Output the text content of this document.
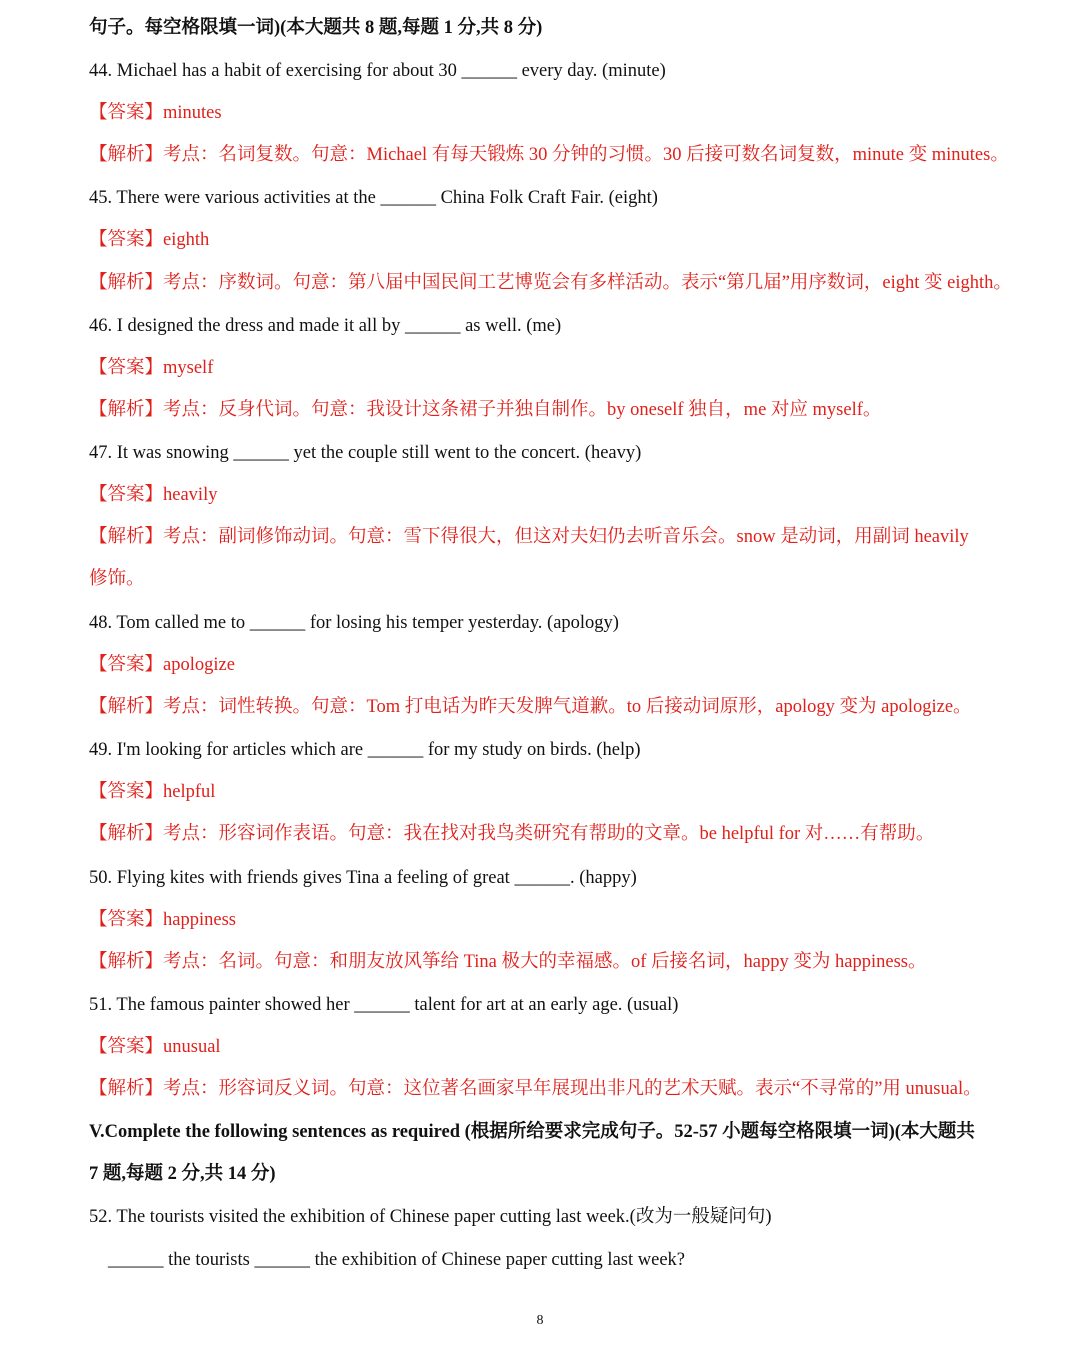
句子。每空格限填一词)(本大题共 8 题,每题 1 分,共 8 分)
44. Michael has a habit of exercising for about 30 ______ every day. (minute)
【答案】minutes
【解析】考点：名词复数。句意：Michael 有每天锻炼 30 分钟的习惯。30 后接可数名词复数，minute 变 minutes。
45. There were various activities at the ______ China Folk Craft Fair. (eight)
【答案】eighth
【解析】考点：序数词。句意：第八届中国民间工艺博览会有多样活动。表示“第几届”用序数词，eight 变 eighth。
46. I designed the dress and made it all by ______ as well. (me)
【答案】myself
【解析】考点：反身代词。句意：我设计这条裙子并独自制作。by oneself 独自，me 对应 myself。
47. It was snowing ______ yet the couple still went to the concert. (heavy)
【答案】heavily
【解析】考点：副词修饰动词。句意：雪下得很大，但这对夫妇仍去听音乐会。snow 是动词，用副词 heavily
修饰。
48. Tom called me to ______ for losing his temper yesterday. (apology)
【答案】apologize
【解析】考点：词性转换。句意：Tom 打电话为昨天发脾气道歉。to 后接动词原形，apology 变为 apologize。
49. I'm looking for articles which are ______ for my study on birds. (help)
【答案】helpful
【解析】考点：形容词作表语。句意：我在找对我鸟类研究有帮助的文章。be helpful for 对……有帮助。
50. Flying kites with friends gives Tina a feeling of great ______. (happy)
【答案】happiness
【解析】考点：名词。句意：和朋友放风筝给 Tina 极大的幸福感。of 后接名词，happy 变为 happiness。
51. The famous painter showed her ______ talent for art at an early age. (usual)
【答案】unusual
【解析】考点：形容词反义词。句意：这位著名画家早年展现出非凡的艺术天赋。表示“不寻常的”用 unusual。
V.Complete the following sentences as required (根据所给要求完成句子。52-57 小题每空格限填一词)(本大题共
7 题,每题 2 分,共 14 分)
52. The tourists visited the exhibition of Chinese paper cutting last week.(改为一般疑问句)
______ the tourists ______ the exhibition of Chinese paper cutting last week?
8
